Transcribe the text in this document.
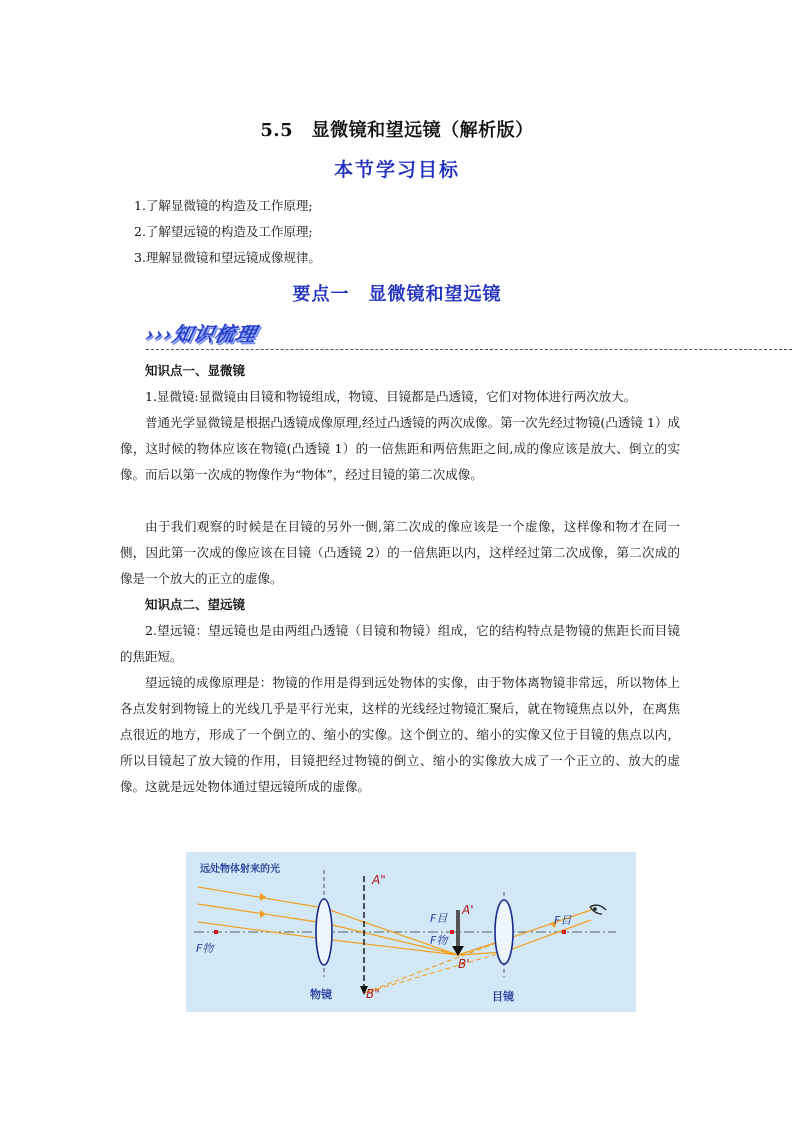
5.5　显微镜和望远镜（解析版）
本节学习目标
1.了解显微镜的构造及工作原理;
2.了解望远镜的构造及工作原理;
3.理解显微镜和望远镜成像规律。
要点一　显微镜和望远镜
›››知识梳理

知识点一、显微镜

1.显微镜:显微镜由目镜和物镜组成，物镜、目镜都是凸透镜，它们对物体进行两次放大。

普通光学显微镜是根据凸透镜成像原理,经过凸透镜的两次成像。第一次先经过物镜(凸透镜 1）成像，这时候的物体应该在物镜(凸透镜 1）的一倍焦距和两倍焦距之间,成的像应该是放大、倒立的实像。而后以第一次成的物像作为“物体”，经过目镜的第二次成像。

由于我们观察的时候是在目镜的另外一侧,第二次成的像应该是一个虚像，这样像和物才在同一侧，因此第一次成的像应该在目镜（凸透镜 2）的一倍焦距以内，这样经过第二次成像，第二次成的像是一个放大的正立的虚像。

知识点二、望远镜

2.望远镜：望远镜也是由两组凸透镜（目镜和物镜）组成，它的结构特点是物镜的焦距长而目镜的焦距短。

望远镜的成像原理是：物镜的作用是得到远处物体的实像，由于物体离物镜非常远，所以物体上各点发射到物镜上的光线几乎是平行光束，这样的光线经过物镜汇聚后，就在物镜焦点以外，在离焦点很近的地方，形成了一个倒立的、缩小的实像。这个倒立的、缩小的实像又位于目镜的焦点以内，所以目镜起了放大镜的作用，目镜把经过物镜的倒立、缩小的实像放大成了一个正立的、放大的虚像。这就是远处物体通过望远镜所成的虚像。

远处物体射来的光
A"
B"
A'
B'
F物
F目
F物
F目
物镜	目镜
